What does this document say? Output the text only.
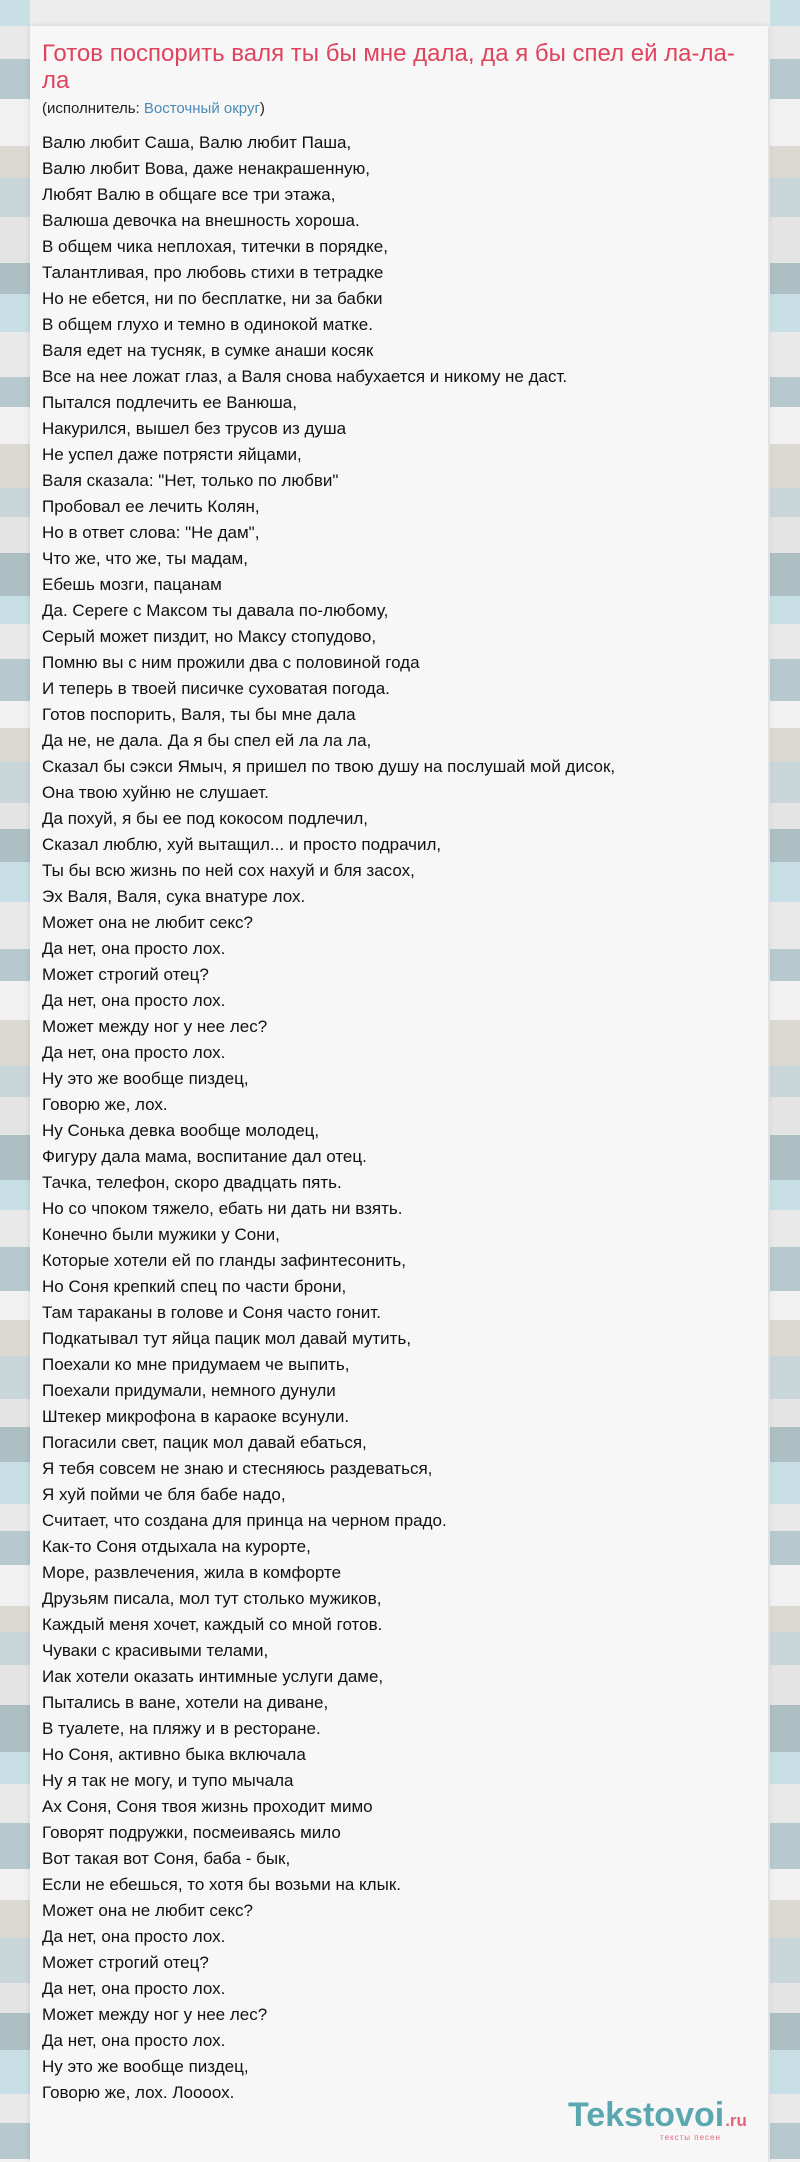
Готов поспорить валя ты бы мне дала, да я бы спел ей ла-ла-ла
(исполнитель: Восточный округ)
Валю любит Саша, Валю любит Паша,
Валю любит Вова, даже ненакрашенную,
Любят Валю в общаге все три этажа,
Валюша девочка на внешность хороша.
В общем чика неплохая, титечки в порядке,
Талантливая, про любовь стихи в тетрадке
Но не ебется, ни по бесплатке, ни за бабки
В общем глухо и темно в одинокой матке.
Валя едет на тусняк, в сумке анаши косяк
Все на нее ложат глаз, а Валя снова набухается и никому не даст.
Пытался подлечить ее Ванюша,
Накурился, вышел без трусов из душа
Не успел даже потрясти яйцами,
Валя сказала: "Нет, только по любви"
Пробовал ее лечить Колян,
Но в ответ слова: "Не дам",
Что же, что же, ты мадам,
Ебешь мозги, пацанам
Да. Сереге с Максом ты давала по-любому,
Серый может пиздит, но Максу стопудово,
Помню вы с ним прожили два с половиной года
И теперь в твоей писичке суховатая погода.
Готов поспорить, Валя, ты бы мне дала
Да не, не дала. Да я бы спел ей ла ла ла,
Сказал бы сэкси Ямыч, я пришел по твою душу на послушай мой дисок,
Она твою хуйню не слушает.
Да похуй, я бы ее под кокосом подлечил,
Сказал люблю, хуй вытащил... и просто подрачил,
Ты бы всю жизнь по ней сох нахуй и бля засох,
Эх Валя, Валя, сука внатуре лох.
Может она не любит секс?
Да нет, она просто лох.
Может строгий отец?
Да нет, она просто лох.
Может между ног у нее лес?
Да нет, она просто лох.
Ну это же вообще пиздец,
Говорю же, лох.
Ну Сонька девка вообще молодец,
Фигуру дала мама, воспитание дал отец.
Тачка, телефон, скоро двадцать пять.
Но со чпоком тяжело, ебать ни дать ни взять.
Конечно были мужики у Сони,
Которые хотели ей по гланды зафинтесонить,
Но Соня крепкий спец по части брони,
Там тараканы в голове и Соня часто гонит.
Подкатывал тут яйца пацик мол давай мутить,
Поехали ко мне придумаем че выпить,
Поехали придумали, немного дунули
Штекер микрофона в караоке всунули.
Погасили свет, пацик мол давай ебаться,
Я тебя совсем не знаю и стесняюсь раздеваться,
Я хуй пойми че бля бабе надо,
Считает, что создана для принца на черном прадо.
Как-то Соня отдыхала на курорте,
Море, развлечения, жила в комфорте
Друзьям писала, мол тут столько мужиков,
Каждый меня хочет, каждый со мной готов.
Чуваки с красивыми телами,
Иак хотели оказать интимные услуги даме,
Пытались в ване, хотели на диване,
В туалете, на пляжу и в ресторане.
Но Соня, активно быка включала
Ну я так не могу, и тупо мычала
Ах Соня, Соня твоя жизнь проходит мимо
Говорят подружки, посмеиваясь мило
Вот такая вот Соня, баба - бык,
Если не ебешься, то хотя бы возьми на клык.
Может она не любит секс?
Да нет, она просто лох.
Может строгий отец?
Да нет, она просто лох.
Может между ног у нее лес?
Да нет, она просто лох.
Ну это же вообще пиздец,
Говорю же, лох. Лоооох.
Tekstovoi.ru
тексты песен
